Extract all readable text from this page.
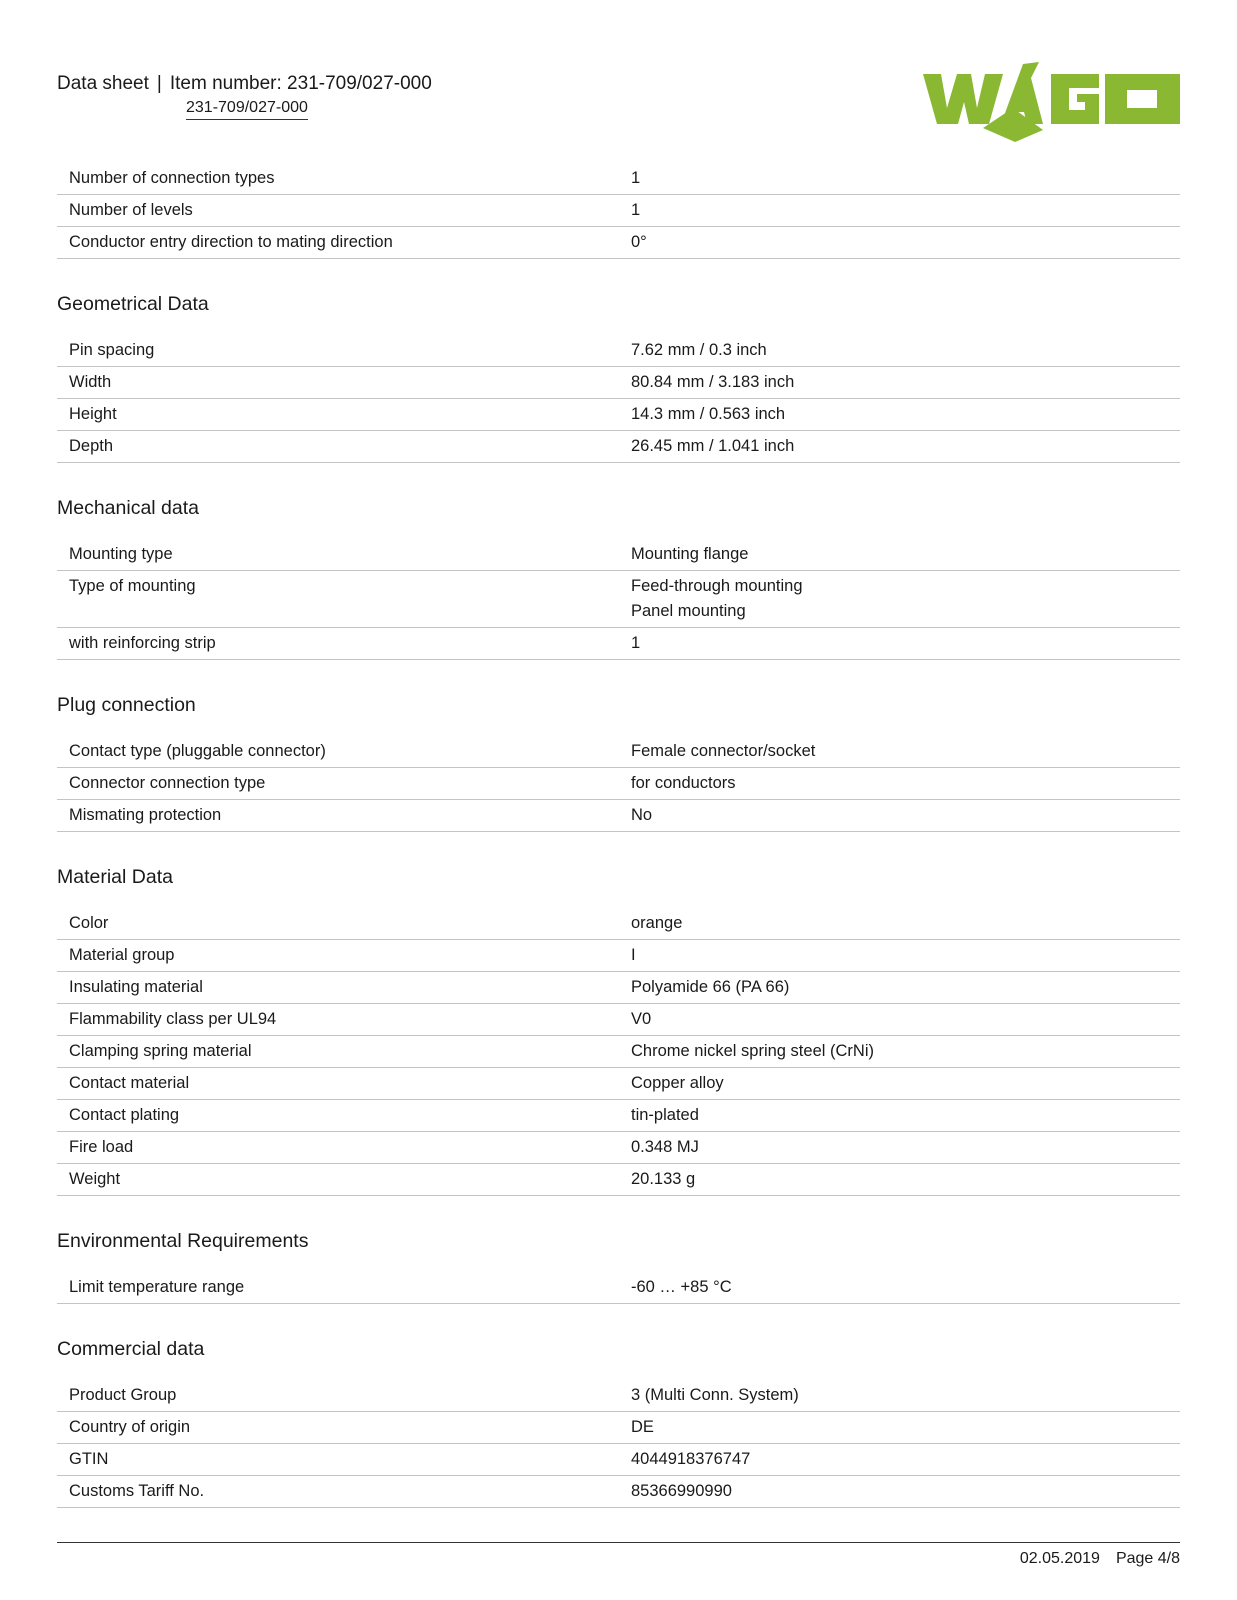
Data sheet | Item number: 231-709/027-000
231-709/027-000
Number of connection types	1

Number of levels	1

Conductor entry direction to mating direction	0°
Geometrical Data
Pin spacing	7.62 mm / 0.3 inch

Width	80.84 mm / 3.183 inch

Height	14.3 mm / 0.563 inch

Depth	26.45 mm / 1.041 inch
Mechanical data
Mounting type	Mounting flange

Type of mounting	Feed-through mounting
Panel mounting

with reinforcing strip	1
Plug connection
Contact type (pluggable connector)	Female connector/socket

Connector connection type	for conductors

Mismating protection	No
Material Data
Color	orange

Material group	I

Insulating material	Polyamide 66 (PA 66)

Flammability class per UL94	V0

Clamping spring material	Chrome nickel spring steel (CrNi)

Contact material	Copper alloy

Contact plating	tin-plated

Fire load	0.348 MJ

Weight	20.133 g
Environmental Requirements
Limit temperature range	-60 … +85 °C
Commercial data
Product Group	3 (Multi Conn. System)

Country of origin	DE

GTIN	4044918376747

Customs Tariff No.	85366990990
02.05.2019 Page 4/8
